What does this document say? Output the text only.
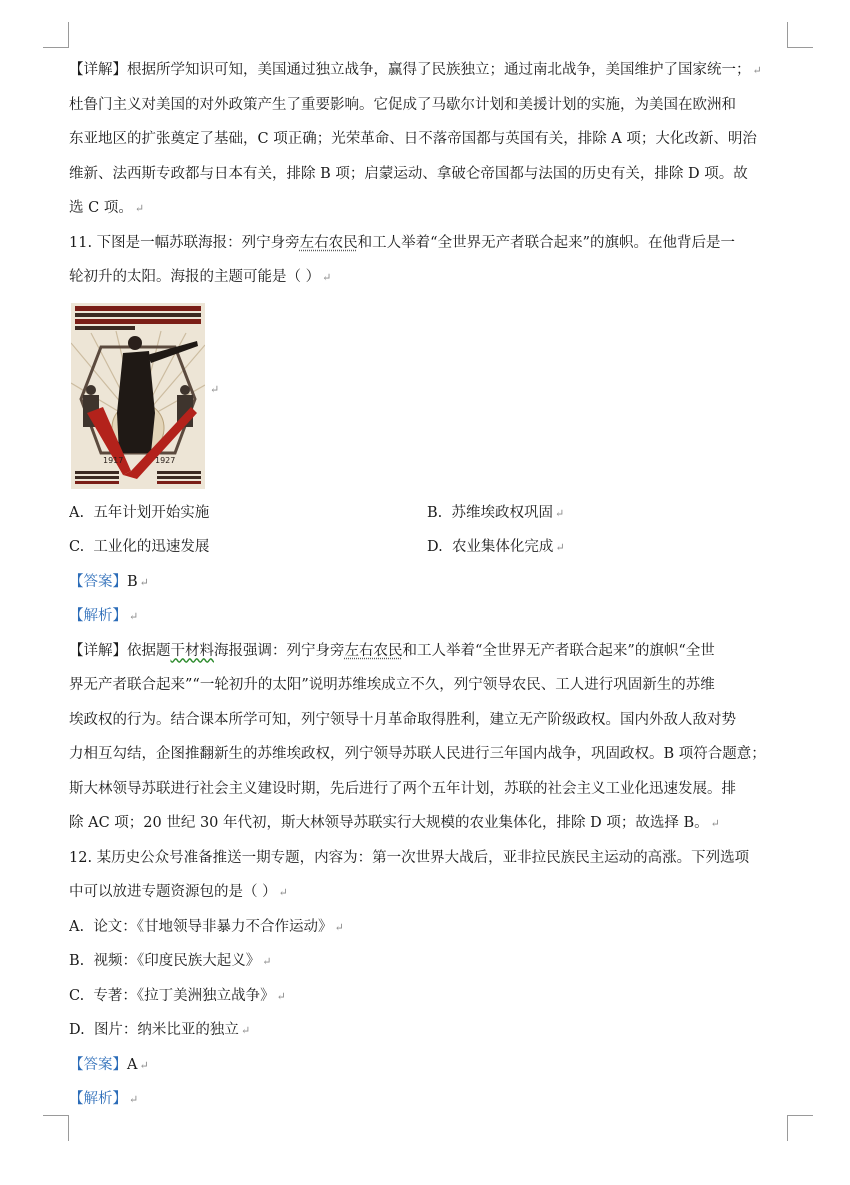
【详解】根据所学知识可知，美国通过独立战争，赢得了民族独立；通过南北战争，美国维护了国家统一； ↵
杜鲁门主义对美国的对外政策产生了重要影响。它促成了马歇尔计划和美援计划的实施，为美国在欧洲和
东亚地区的扩张奠定了基础，C 项正确；光荣革命、日不落帝国都与英国有关，排除 A 项；大化改新、明治
维新、法西斯专政都与日本有关，排除 B 项；启蒙运动、拿破仑帝国都与法国的历史有关，排除 D 项。故
选 C 项。 ↵
11. 下图是一幅苏联海报：列宁身旁左右农民和工人举着“全世界无产者联合起来”的旗帜。在他背后是一
轮初升的太阳。海报的主题可能是（ ） ↵
1917	1927
↵
A. 五年计划开始实施	B. 苏维埃政权巩固 ↵
C. 工业化的迅速发展	D. 农业集体化完成 ↵
【答案】B ↵
【解析】 ↵
【详解】依据题干材料海报强调：列宁身旁左右农民和工人举着“全世界无产者联合起来”的旗帜“全世
界无产者联合起来”“一轮初升的太阳”说明苏维埃成立不久，列宁领导农民、工人进行巩固新生的苏维
埃政权的行为。结合课本所学可知，列宁领导十月革命取得胜利，建立无产阶级政权。国内外敌人敌对势
力相互勾结，企图推翻新生的苏维埃政权，列宁领导苏联人民进行三年国内战争，巩固政权。B 项符合题意；
斯大林领导苏联进行社会主义建设时期，先后进行了两个五年计划，苏联的社会主义工业化迅速发展。排
除 AC 项；20 世纪 30 年代初，斯大林领导苏联实行大规模的农业集体化，排除 D 项；故选择 B。 ↵
12. 某历史公众号准备推送一期专题，内容为：第一次世界大战后，亚非拉民族民主运动的高涨。下列选项
中可以放进专题资源包的是（ ） ↵
A. 论文：《甘地领导非暴力不合作运动》 ↵
B. 视频：《印度民族大起义》 ↵
C. 专著：《拉丁美洲独立战争》 ↵
D. 图片：纳米比亚的独立 ↵
【答案】A ↵
【解析】 ↵
